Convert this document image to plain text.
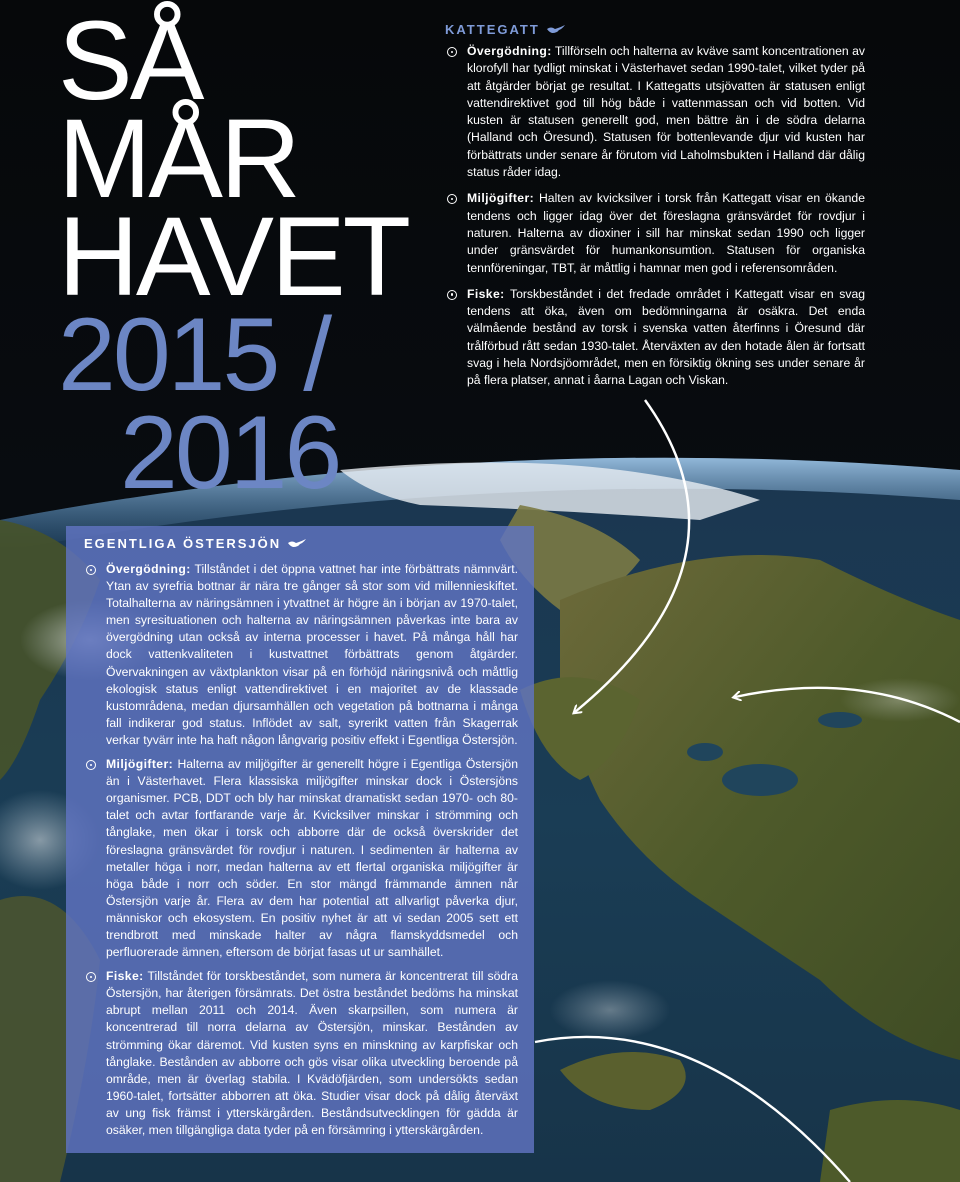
SÅ
MÅR
HAVET
2015 /
2016
KATTEGATT
Övergödning: Tillförseln och halterna av kväve samt koncentrationen av klorofyll har tydligt minskat i Västerhavet sedan 1990-talet, vilket tyder på att åtgärder börjat ge resultat. I Kattegatts utsjövatten är statusen enligt vattendirektivet god till hög både i vattenmassan och vid botten. Vid kusten är statusen generellt god, men bättre än i de södra delarna (Halland och Öresund). Statusen för bottenlevande djur vid kusten har förbättrats under senare år förutom vid Laholmsbukten i Halland där dålig status råder idag.
Miljögifter: Halten av kvicksilver i torsk från Kattegatt visar en ökande tendens och ligger idag över det föreslagna gränsvärdet för rovdjur i naturen. Halterna av dioxiner i sill har minskat sedan 1990 och ligger under gränsvärdet för humankonsumtion. Statusen för organiska tennföreningar, TBT, är måttlig i hamnar men god i referensområden.
Fiske: Torskbeståndet i det fredade området i Kattegatt visar en svag tendens att öka, även om bedömningarna är osäkra. Det enda välmående bestånd av torsk i svenska vatten återfinns i Öresund där trålförbud rått sedan 1930-talet. Återväxten av den hotade ålen är fortsatt svag i hela Nordsjöområdet, men en försiktig ökning ses under senare år på flera platser, annat i åarna Lagan och Viskan.
EGENTLIGA ÖSTERSJÖN
Övergödning: Tillståndet i det öppna vattnet har inte förbättrats nämnvärt. Ytan av syrefria bottnar är nära tre gånger så stor som vid millennieskiftet. Totalhalterna av näringsämnen i ytvattnet är högre än i början av 1970-talet, men syresituationen och halterna av näringsämnen påverkas inte bara av övergödning utan också av interna processer i havet. På många håll har dock vattenkvaliteten i kustvattnet förbättrats genom åtgärder. Övervakningen av växtplankton visar på en förhöjd näringsnivå och måttlig ekologisk status enligt vattendirektivet i en majoritet av de klassade kustområdena, medan djursamhällen och vegetation på bottnarna i många fall indikerar god status. Inflödet av salt, syrerikt vatten från Skagerrak verkar tyvärr inte ha haft någon långvarig positiv effekt i Egentliga Östersjön.
Miljögifter: Halterna av miljögifter är generellt högre i Egentliga Östersjön än i Västerhavet. Flera klassiska miljögifter minskar dock i Östersjöns organismer. PCB, DDT och bly har minskat dramatiskt sedan 1970- och 80-talet och avtar fortfarande varje år. Kvicksilver minskar i strömming och tånglake, men ökar i torsk och abborre där de också överskrider det föreslagna gränsvärdet för rovdjur i naturen. I sedimenten är halterna av metaller höga i norr, medan halterna av ett flertal organiska miljögifter är höga både i norr och söder. En stor mängd främmande ämnen når Östersjön varje år. Flera av dem har potential att allvarligt påverka djur, människor och ekosystem. En positiv nyhet är att vi sedan 2005 sett ett trendbrott med minskade halter av några flamskyddsmedel och perfluorerade ämnen, eftersom de börjat fasas ut ur samhället.
Fiske: Tillståndet för torskbeståndet, som numera är koncentrerat till södra Östersjön, har återigen försämrats. Det östra beståndet bedöms ha minskat abrupt mellan 2011 och 2014. Även skarpsillen, som numera är koncentrerad till norra delarna av Östersjön, minskar. Bestånden av strömming ökar däremot. Vid kusten syns en minskning av karpfiskar och tånglake. Bestånden av abborre och gös visar olika utveckling beroende på område, men är överlag stabila. I Kvädöfjärden, som undersökts sedan 1960-talet, fortsätter abborren att öka. Studier visar dock på dålig återväxt av ung fisk främst i ytterskärgården. Beståndsutvecklingen för gädda är osäker, men tillgängliga data tyder på en försämring i ytterskärgården.
